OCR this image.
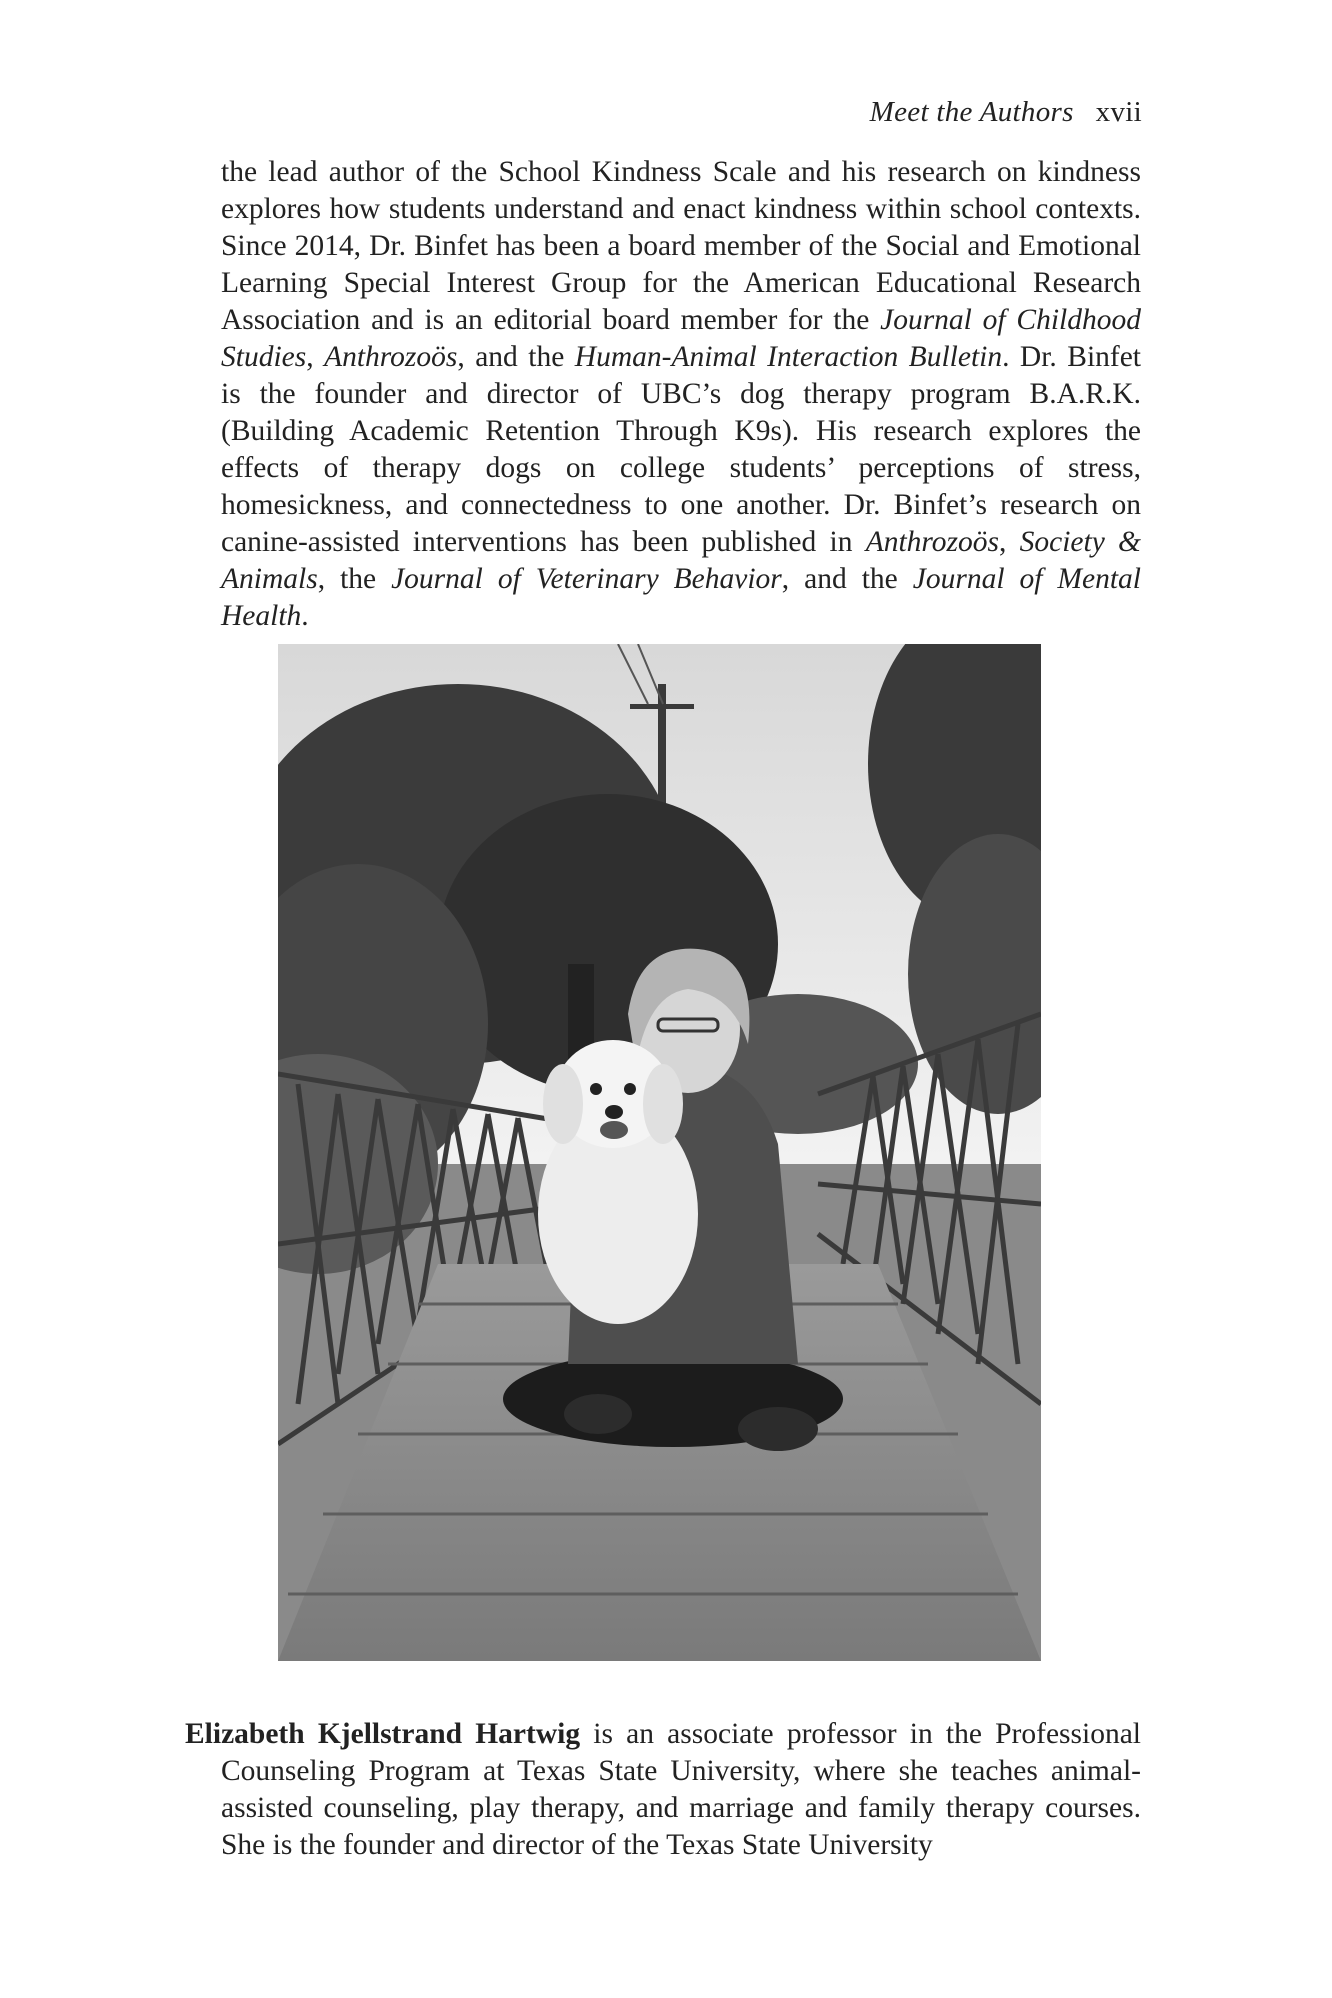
Meet the Authors xvii
the lead author of the School Kindness Scale and his research on kindness explores how students understand and enact kindness within school contexts. Since 2014, Dr. Binfet has been a board member of the Social and Emotional Learning Special Interest Group for the American Educational Research Association and is an editorial board member for the Journal of Childhood Studies, Anthrozoös, and the Human-Animal Interaction Bulletin. Dr. Binfet is the founder and director of UBC’s dog therapy program B.A.R.K. (Building Academic Retention Through K9s). His research explores the effects of therapy dogs on college students’ perceptions of stress, homesickness, and connectedness to one another. Dr. Binfet’s research on canine-assisted interventions has been published in Anthrozoös, Society & Animals, the Journal of Veterinary Behavior, and the Journal of Mental Health.
Elizabeth Kjellstrand Hartwig is an associate professor in the Professional Counseling Program at Texas State University, where she teaches animal-assisted counseling, play therapy, and marriage and family therapy courses. She is the founder and director of the Texas State University
